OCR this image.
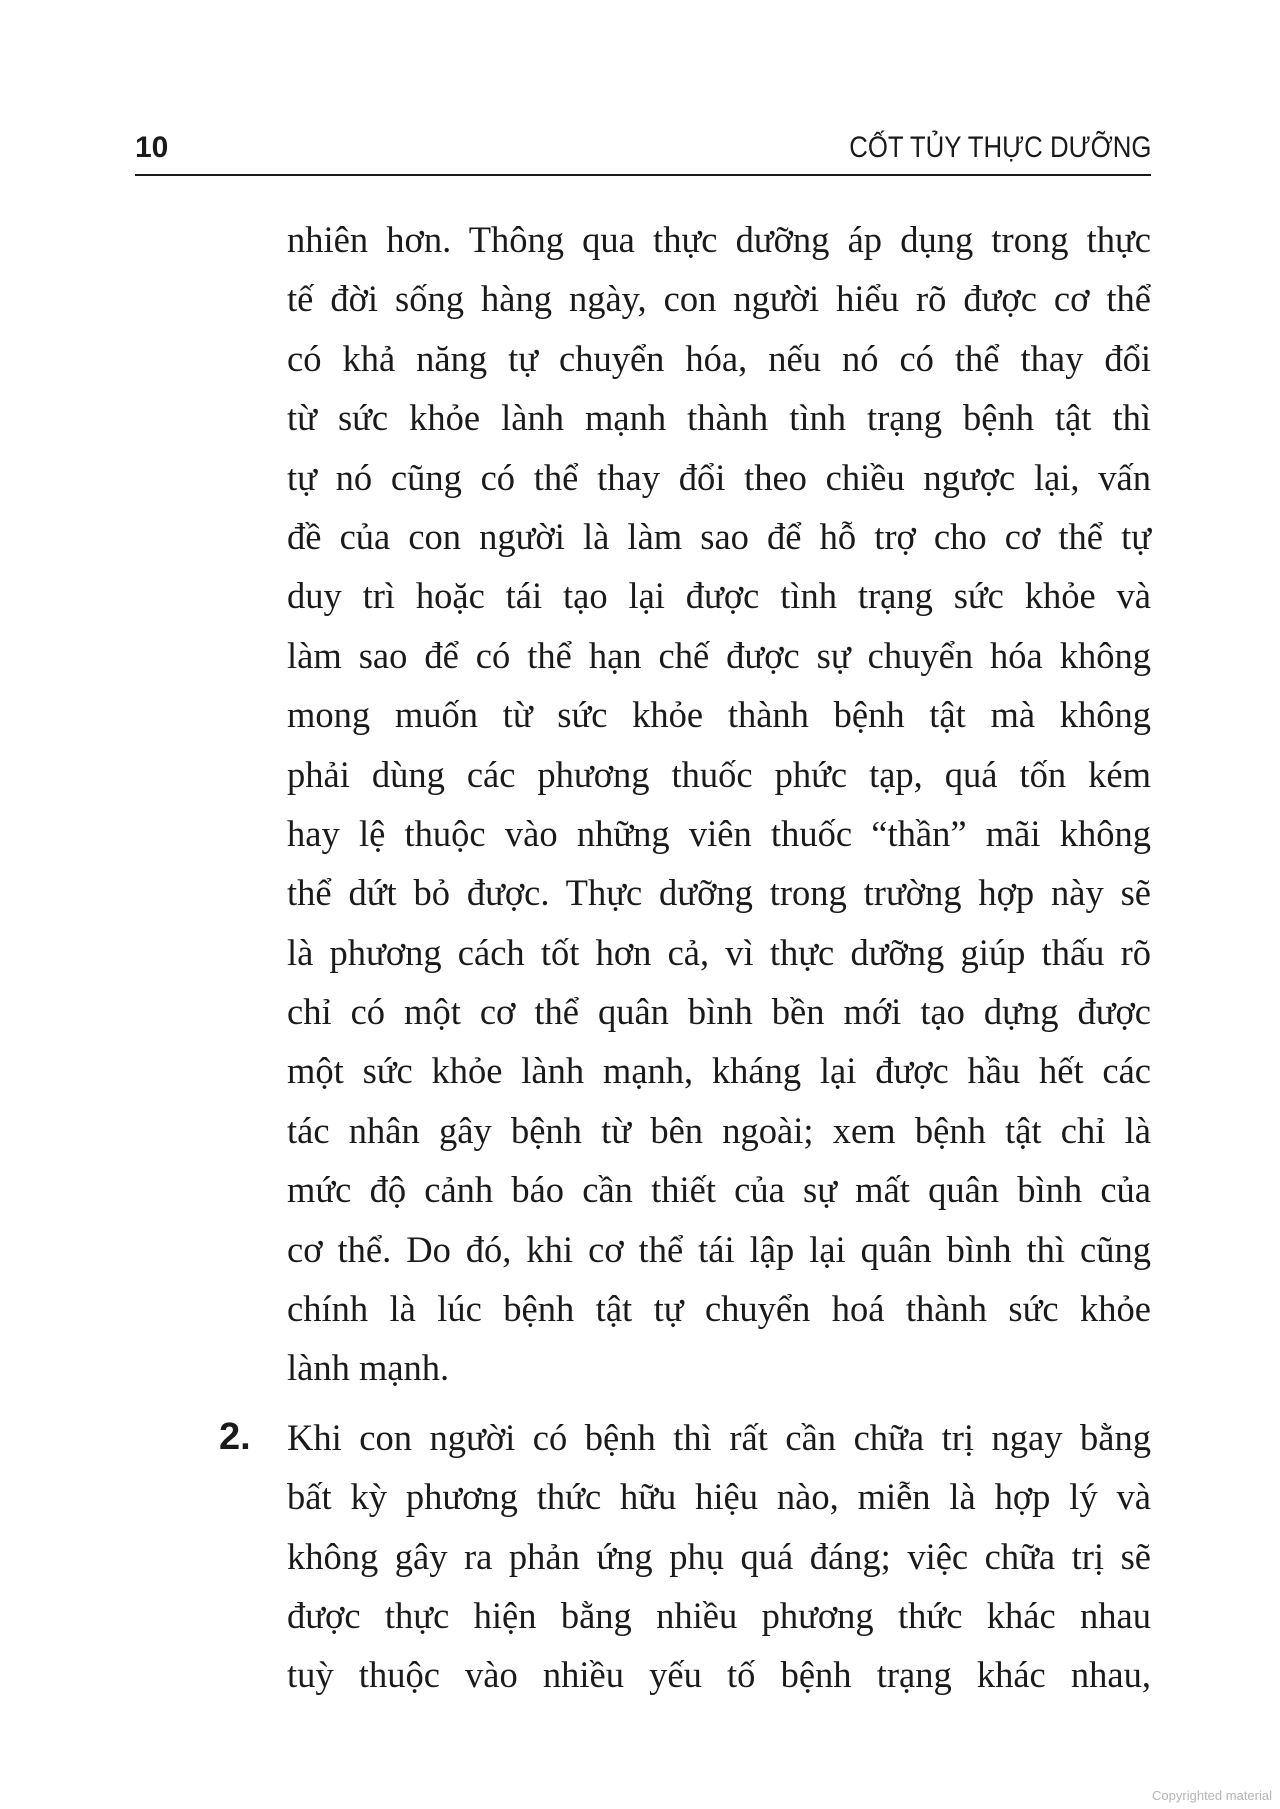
10	CỐT TỦY THỰC DƯỠNG
nhiên hơn. Thông qua thực dưỡng áp dụng trong thực
tế đời sống hàng ngày, con người hiểu rõ được cơ thể
có khả năng tự chuyển hóa, nếu nó có thể thay đổi
từ sức khỏe lành mạnh thành tình trạng bệnh tật thì
tự nó cũng có thể thay đổi theo chiều ngược lại, vấn
đề của con người là làm sao để hỗ trợ cho cơ thể tự
duy trì hoặc tái tạo lại được tình trạng sức khỏe và
làm sao để có thể hạn chế được sự chuyển hóa không
mong muốn từ sức khỏe thành bệnh tật mà không
phải dùng các phương thuốc phức tạp, quá tốn kém
hay lệ thuộc vào những viên thuốc “thần” mãi không
thể dứt bỏ được. Thực dưỡng trong trường hợp này sẽ
là phương cách tốt hơn cả, vì thực dưỡng giúp thấu rõ
chỉ có một cơ thể quân bình bền mới tạo dựng được
một sức khỏe lành mạnh, kháng lại được hầu hết các
tác nhân gây bệnh từ bên ngoài; xem bệnh tật chỉ là
mức độ cảnh báo cần thiết của sự mất quân bình của
cơ thể. Do đó, khi cơ thể tái lập lại quân bình thì cũng
chính là lúc bệnh tật tự chuyển hoá thành sức khỏe
lành mạnh.
2. Khi con người có bệnh thì rất cần chữa trị ngay bằng
bất kỳ phương thức hữu hiệu nào, miễn là hợp lý và
không gây ra phản ứng phụ quá đáng; việc chữa trị sẽ
được thực hiện bằng nhiều phương thức khác nhau
tuỳ thuộc vào nhiều yếu tố bệnh trạng khác nhau,
Copyrighted material
